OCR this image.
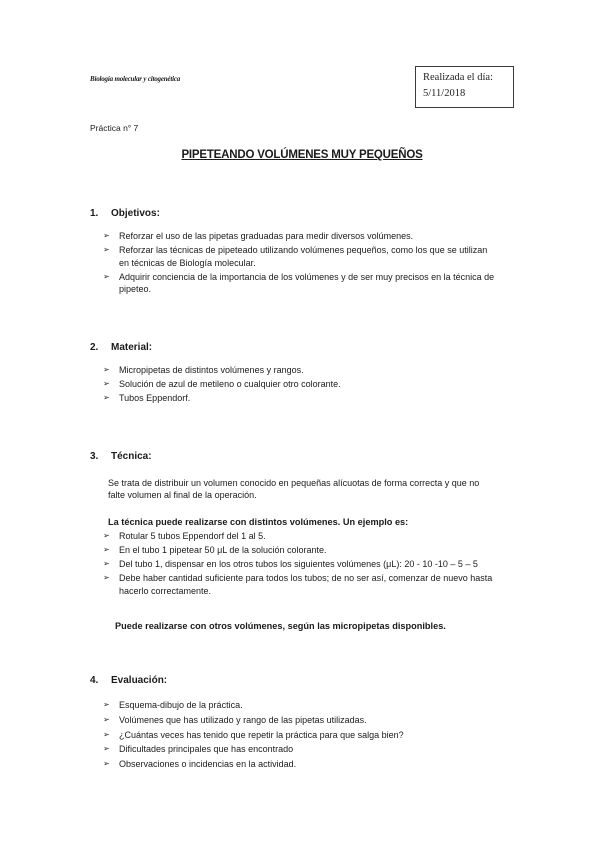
Biología molecular y citogenética	Realizada el día:
5/11/2018
Práctica n° 7
PIPETEANDO VOLÚMENES MUY PEQUEÑOS
1.	Objetivos:
➢	Reforzar el uso de las pipetas graduadas para medir diversos volúmenes.
➢	Reforzar las técnicas de pipeteado utilizando volúmenes pequeños, como los que se utilizan en técnicas de Biología molecular.
➢	Adquirir conciencia de la importancia de los volúmenes y de ser muy precisos en la técnica de pipeteo.
2.	Material:
➢	Micropipetas de distintos volúmenes y rangos.
➢	Solución de azul de metileno o cualquier otro colorante.
➢	Tubos Eppendorf.
3.	Técnica:

Se trata de distribuir un volumen conocido en pequeñas alícuotas de forma correcta y que no falte volumen al final de la operación.

La técnica puede realizarse con distintos volúmenes. Un ejemplo es:

➢	Rotular 5 tubos Eppendorf del 1 al 5.
➢	En el tubo 1 pipetear 50 μL de la solución colorante.
➢	Del tubo 1, dispensar en los otros tubos los siguientes volúmenes (μL): 20 - 10 -10 – 5 – 5
➢	Debe haber cantidad suficiente para todos los tubos; de no ser así, comenzar de nuevo hasta hacerlo correctamente.

Puede realizarse con otros volúmenes, según las micropipetas disponibles.

4.	Evaluación:
➢	Esquema-dibujo de la práctica.
➢	Volúmenes que has utilizado y rango de las pipetas utilizadas.
➢	¿Cuántas veces has tenido que repetir la práctica para que salga bien?
➢	Dificultades principales que has encontrado
➢	Observaciones o incidencias en la actividad.
